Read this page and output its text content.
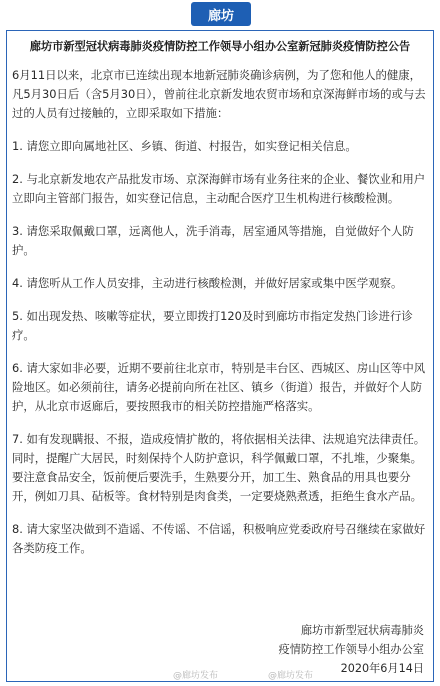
廊坊
廊坊市新型冠状病毒肺炎疫情防控工作领导小组办公室新冠肺炎疫情防控公告

6月11日以来，北京市已连续出现本地新冠肺炎确诊病例，为了您和他人的健康，凡5月30日后（含5月30日），曾前往北京新发地农贸市场和京深海鲜市场的或与去过的人员有过接触的，立即采取如下措施：

1. 请您立即向属地社区、乡镇、街道、村报告，如实登记相关信息。

2. 与北京新发地农产品批发市场、京深海鲜市场有业务往来的企业、餐饮业和用户立即向主管部门报告，如实登记信息，主动配合医疗卫生机构进行核酸检测。

3. 请您采取佩戴口罩，远离他人，洗手消毒，居室通风等措施，自觉做好个人防护。

4. 请您听从工作人员安排，主动进行核酸检测，并做好居家或集中医学观察。

5. 如出现发热、咳嗽等症状，要立即拨打120及时到廊坊市指定发热门诊进行诊疗。

6. 请大家如非必要，近期不要前往北京市，特别是丰台区、西城区、房山区等中风险地区。如必须前往，请务必提前向所在社区、镇乡（街道）报告，并做好个人防护，从北京市返廊后，要按照我市的相关防控措施严格落实。

7. 如有发现瞒报、不报，造成疫情扩散的，将依据相关法律、法规追究法律责任。同时，提醒广大居民，时刻保持个人防护意识，科学佩戴口罩，不扎堆，少聚集。要注意食品安全，饭前便后要洗手，生熟要分开，加工生、熟食品的用具也要分开，例如刀具、砧板等。食材特别是肉食类，一定要烧熟煮透，拒绝生食水产品。

8. 请大家坚决做到不造谣、不传谣、不信谣，积极响应党委政府号召继续在家做好各类防疫工作。

廊坊市新型冠状病毒肺炎
疫情防控工作领导小组办公室
2020年6月14日
@廊坊发布	@廊坊发布
